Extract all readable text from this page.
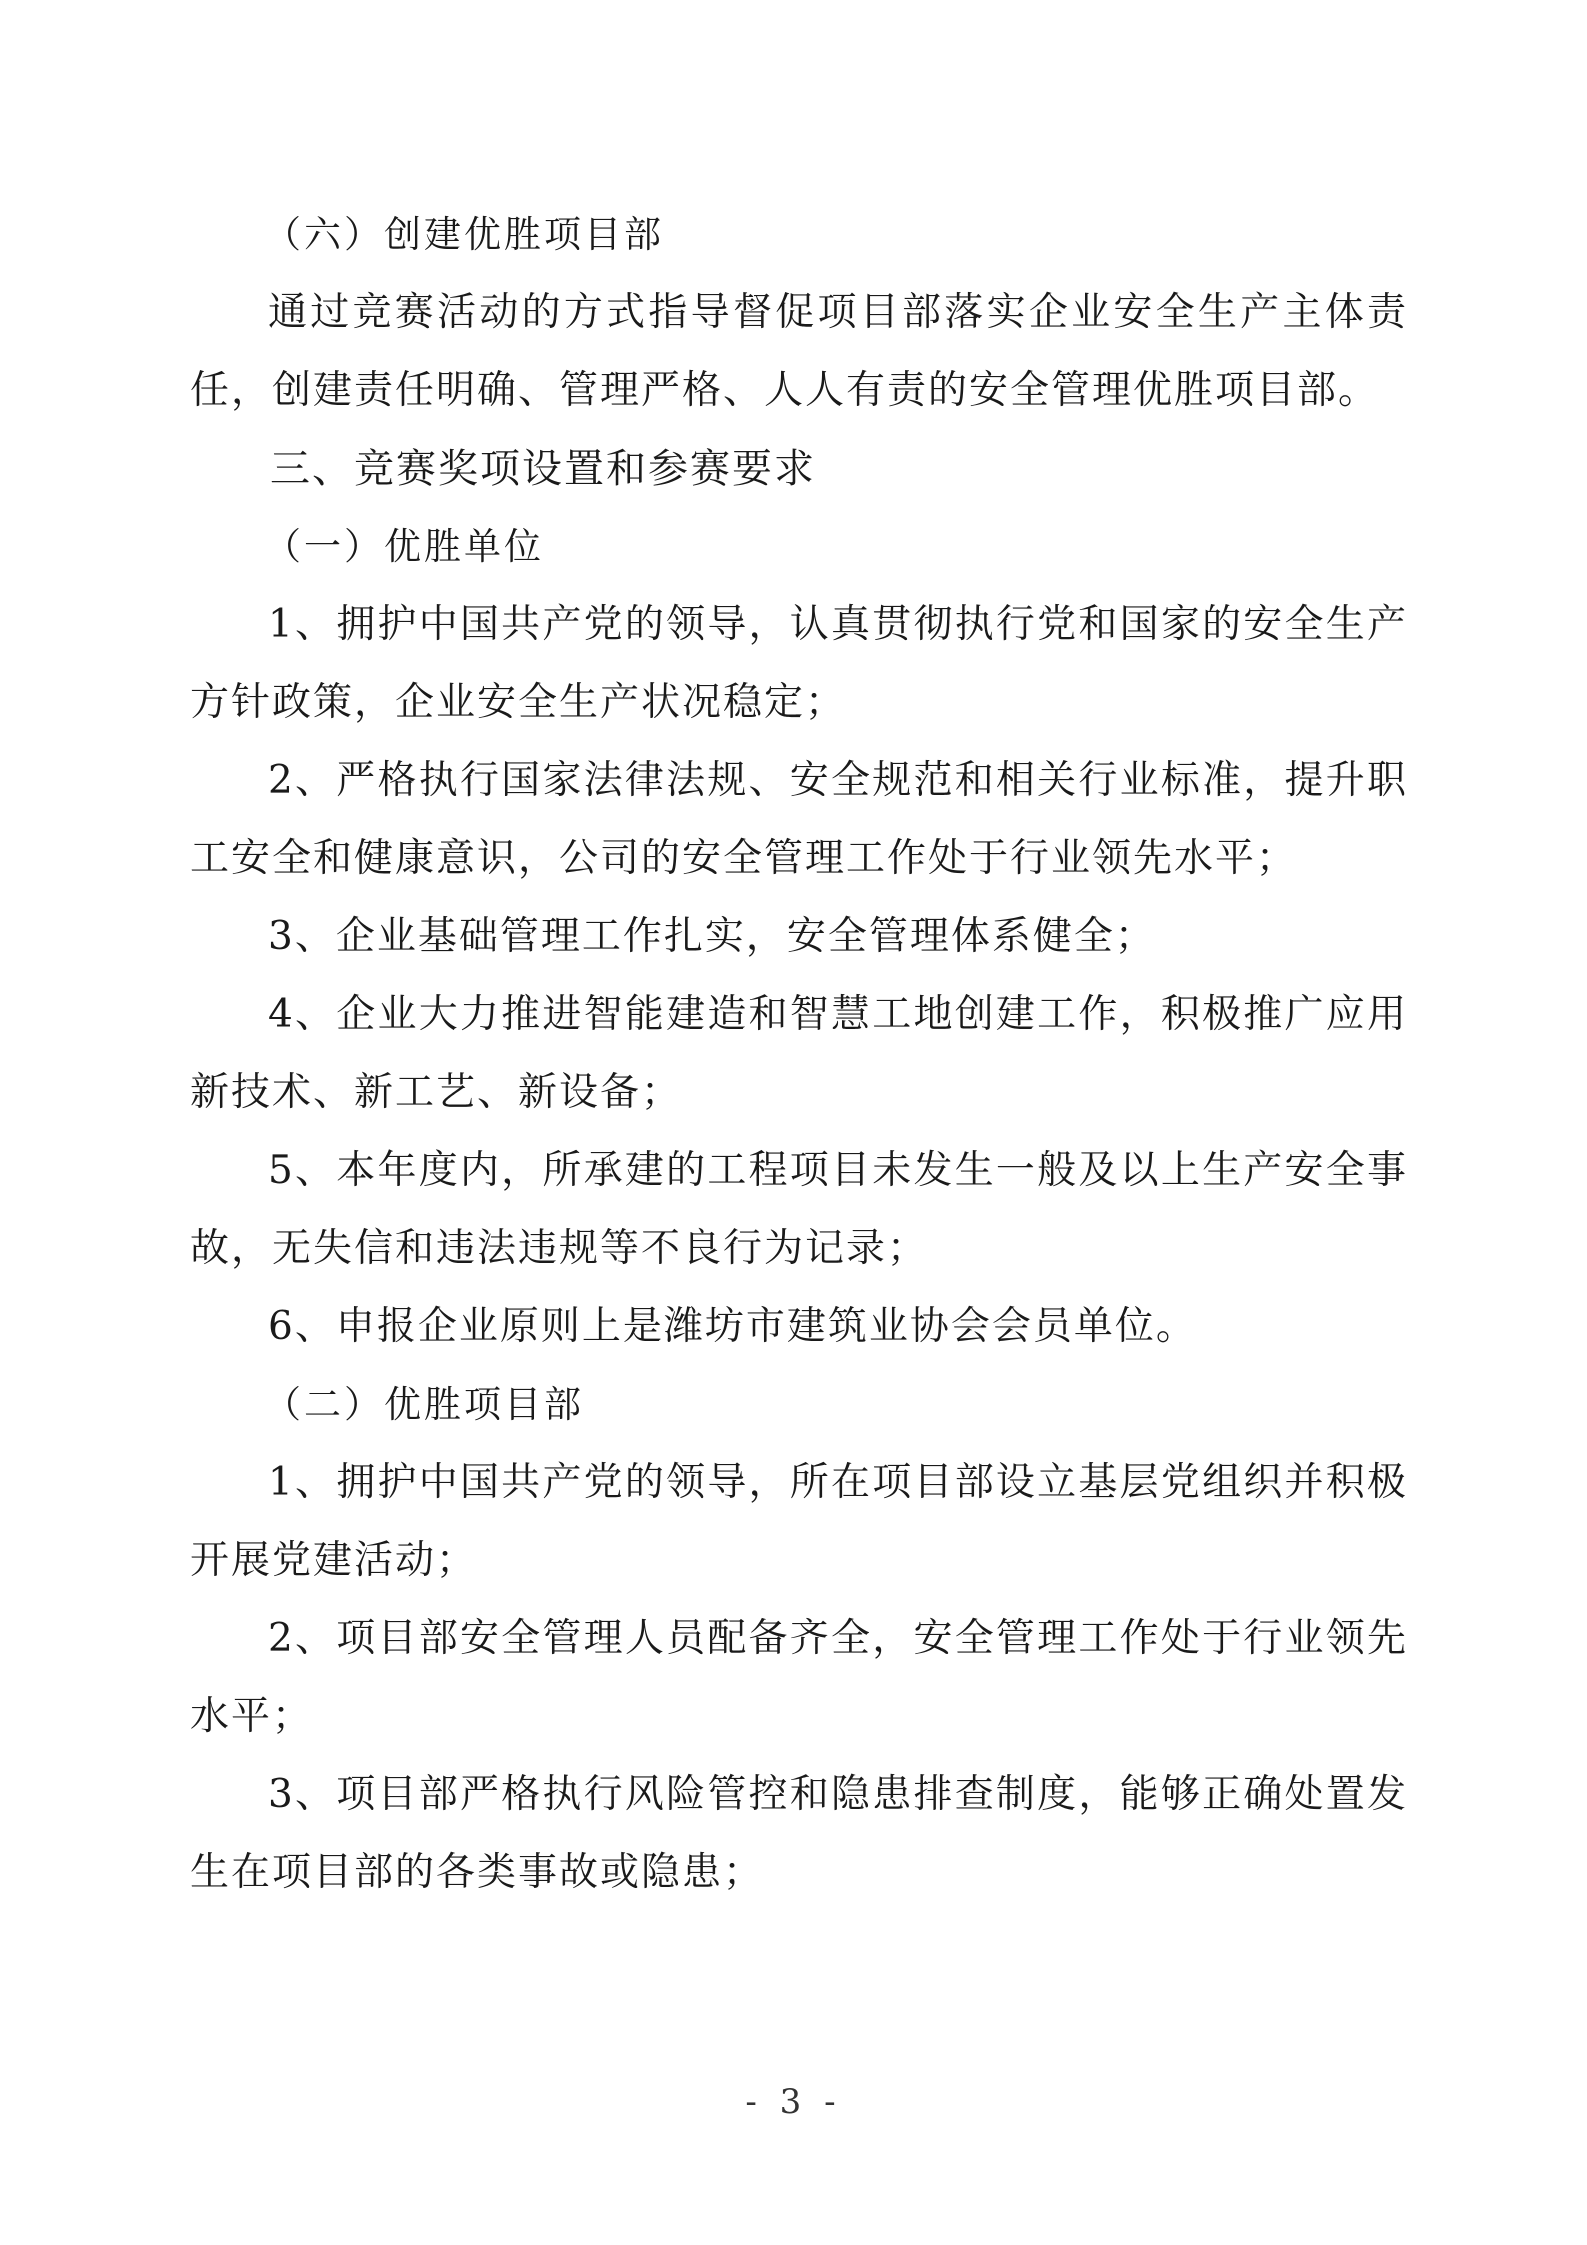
（六）创建优胜项目部

通过竞赛活动的方式指导督促项目部落实企业安全生产主体责任，创建责任明确、管理严格、人人有责的安全管理优胜项目部。

三、竞赛奖项设置和参赛要求

（一）优胜单位

1、拥护中国共产党的领导，认真贯彻执行党和国家的安全生产方针政策，企业安全生产状况稳定；

2、严格执行国家法律法规、安全规范和相关行业标准，提升职工安全和健康意识，公司的安全管理工作处于行业领先水平；

3、企业基础管理工作扎实，安全管理体系健全；

4、企业大力推进智能建造和智慧工地创建工作，积极推广应用新技术、新工艺、新设备；

5、本年度内，所承建的工程项目未发生一般及以上生产安全事故，无失信和违法违规等不良行为记录；

6、申报企业原则上是潍坊市建筑业协会会员单位。

（二）优胜项目部

1、拥护中国共产党的领导，所在项目部设立基层党组织并积极开展党建活动；

2、项目部安全管理人员配备齐全，安全管理工作处于行业领先水平；

3、项目部严格执行风险管控和隐患排查制度，能够正确处置发生在项目部的各类事故或隐患；

- 3 -
